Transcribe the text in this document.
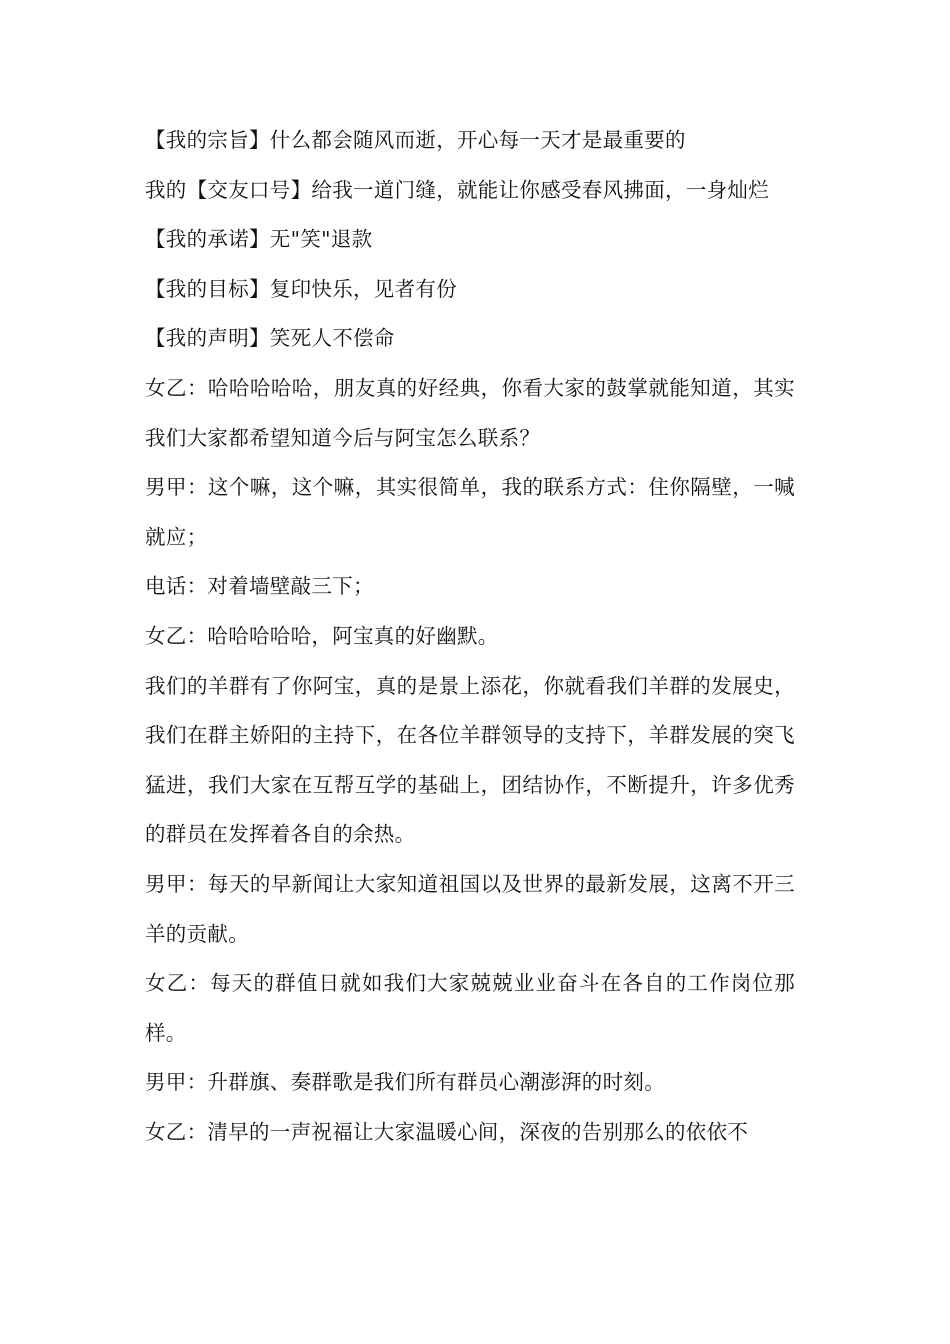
【我的宗旨】什么都会随风而逝，开心每一天才是最重要的

我的【交友口号】给我一道门缝，就能让你感受春风拂面，一身灿烂

【我的承诺】无"笑"退款

【我的目标】复印快乐，见者有份

【我的声明】笑死人不偿命

女乙：哈哈哈哈哈，朋友真的好经典，你看大家的鼓掌就能知道，其实我们大家都希望知道今后与阿宝怎么联系？

男甲：这个嘛，这个嘛，其实很简单，我的联系方式：住你隔壁，一喊就应；

电话：对着墙壁敲三下；

女乙：哈哈哈哈哈，阿宝真的好幽默。

我们的羊群有了你阿宝，真的是景上添花，你就看我们羊群的发展史，我们在群主娇阳的主持下，在各位羊群领导的支持下，羊群发展的突飞猛进，我们大家在互帮互学的基础上，团结协作，不断提升，许多优秀的群员在发挥着各自的余热。

男甲：每天的早新闻让大家知道祖国以及世界的最新发展，这离不开三羊的贡献。

女乙：每天的群值日就如我们大家兢兢业业奋斗在各自的工作岗位那样。

男甲：升群旗、奏群歌是我们所有群员心潮澎湃的时刻。

女乙：清早的一声祝福让大家温暖心间，深夜的告别那么的依依不
